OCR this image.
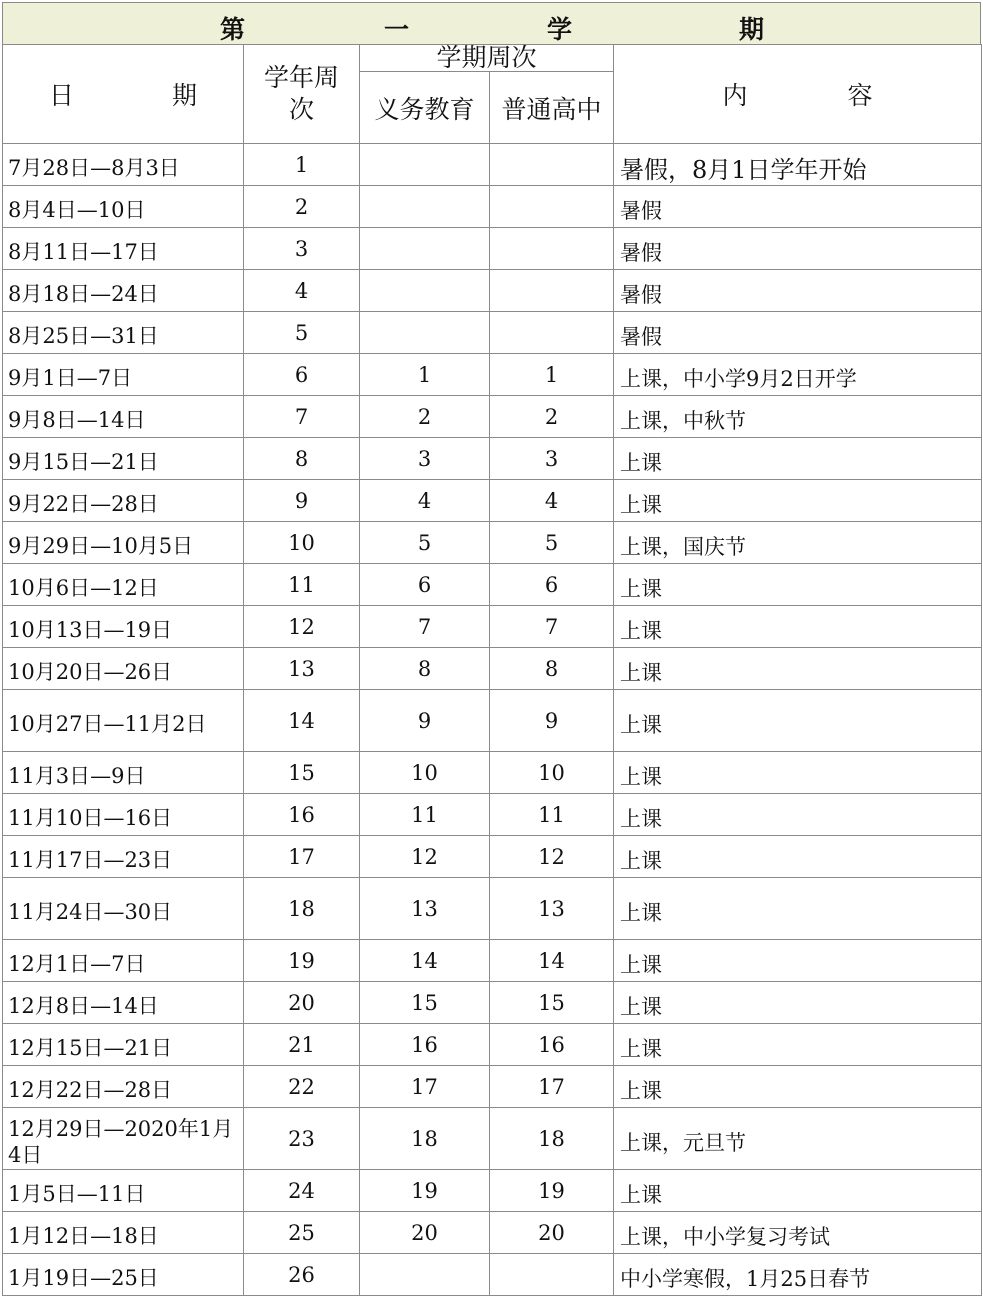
第	一	学	期
日 期	学年周次	学期周次		内 容
		义务教育	普通高中	
7月28日—8月3日	1			暑假，8月1日学年开始
8月4日—10日	2			暑假
8月11日—17日	3			暑假
8月18日—24日	4			暑假
8月25日—31日	5			暑假
9月1日—7日	6	1	1	上课，中小学9月2日开学
9月8日—14日	7	2	2	上课，中秋节
9月15日—21日	8	3	3	上课
9月22日—28日	9	4	4	上课
9月29日—10月5日	10	5	5	上课，国庆节
10月6日—12日	11	6	6	上课
10月13日—19日	12	7	7	上课
10月20日—26日	13	8	8	上课
10月27日—11月2日	14	9	9	上课
11月3日—9日	15	10	10	上课
11月10日—16日	16	11	11	上课
11月17日—23日	17	12	12	上课
11月24日—30日	18	13	13	上课
12月1日—7日	19	14	14	上课
12月8日—14日	20	15	15	上课
12月15日—21日	21	16	16	上课
12月22日—28日	22	17	17	上课
12月29日—2020年1月4日	23	18	18	上课，元旦节
1月5日—11日	24	19	19	上课
1月12日—18日	25	20	20	上课，中小学复习考试
1月19日—25日	26			中小学寒假，1月25日春节
